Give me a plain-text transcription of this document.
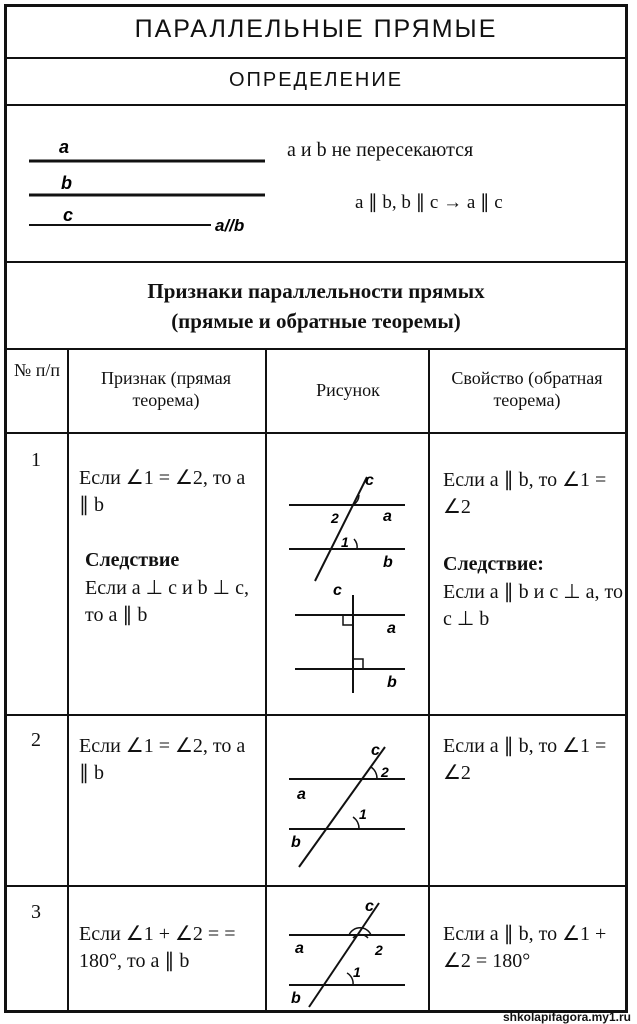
ПАРАЛЛЕЛЬНЫЕ ПРЯМЫЕ
ОПРЕДЕЛЕНИЕ
a
b
c
a//b
a и b не пересекаются
a ∥ b, b ∥ c → a ∥ c
Признаки параллельности прямых
(прямые и обратные теоремы)
№ п/п	Признак (прямая теорема)	Рисунок
Свойство (обратная теорема)
1
Если ∠1 = ∠2, то a ∥ b
Следствие
Если a ⊥ c и b ⊥ c, то a ∥ b
c
a
b
2
1
c
a
b
Если a ∥ b, то ∠1 = ∠2
Следствие:
Если a ∥ b и c ⊥ a, то c ⊥ b
2 Если ∠1 = ∠2, то a ∥ b
c
2
a
1
b
Если a ∥ b, то ∠1 = ∠2
3
Если ∠1 + ∠2 = = 180°, то a ∥ b
c
2
a
1
b
Если a ∥ b, то ∠1 + ∠2 = 180°
shkolapifagora.my1.ru
